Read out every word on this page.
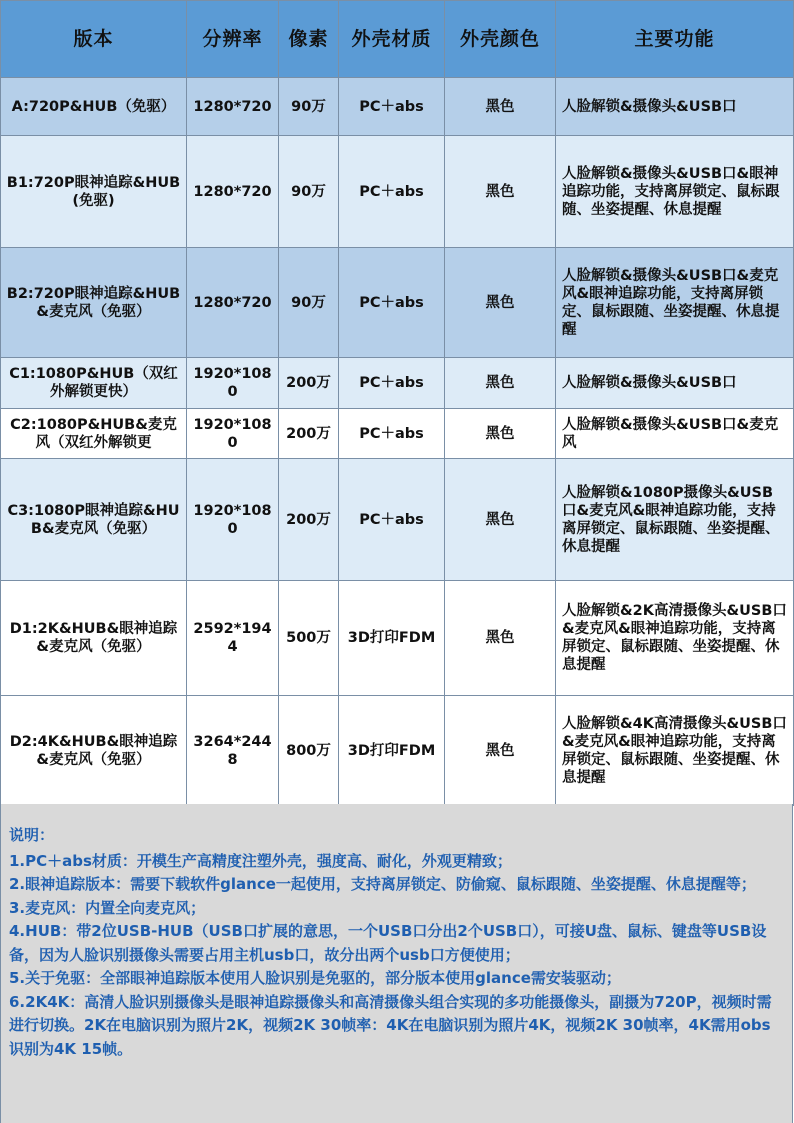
版本	分辨率	像素	外壳材质	外壳颜色	主要功能
A:720P&HUB（免驱）	1280*720	90万	PC＋abs	黑色	人脸解锁&摄像头&USB口
B1:720P眼神追踪&HUB(免驱)	1280*720	90万	PC＋abs	黑色	人脸解锁&摄像头&USB口&眼神追踪功能，支持离屏锁定、鼠标跟随、坐姿提醒、休息提醒
B2:720P眼神追踪&HUB&麦克风（免驱）	1280*720	90万	PC＋abs	黑色	人脸解锁&摄像头&USB口&麦克风&眼神追踪功能，支持离屏锁定、鼠标跟随、坐姿提醒、休息提醒
C1:1080P&HUB（双红外解锁更快）	1920*1080	200万	PC＋abs	黑色	人脸解锁&摄像头&USB口
C2:1080P&HUB&麦克风（双红外解锁更	1920*1080	200万	PC＋abs	黑色	人脸解锁&摄像头&USB口&麦克风
C3:1080P眼神追踪&HUB&麦克风（免驱）	1920*1080	200万	PC＋abs	黑色	人脸解锁&1080P摄像头&USB口&麦克风&眼神追踪功能，支持离屏锁定、鼠标跟随、坐姿提醒、休息提醒
D1:2K&HUB&眼神追踪&麦克风（免驱）	2592*1944	500万	3D打印FDM	黑色	人脸解锁&2K高清摄像头&USB口&麦克风&眼神追踪功能，支持离屏锁定、鼠标跟随、坐姿提醒、休息提醒
D2:4K&HUB&眼神追踪&麦克风（免驱）	3264*2448	800万	3D打印FDM	黑色	人脸解锁&4K高清摄像头&USB口&麦克风&眼神追踪功能，支持离屏锁定、鼠标跟随、坐姿提醒、休息提醒
说明：
1.PC＋abs材质：开模生产高精度注塑外壳，强度高、耐化，外观更精致；
2.眼神追踪版本：需要下载软件glance一起使用，支持离屏锁定、防偷窥、鼠标跟随、坐姿提醒、休息提醒等；
3.麦克风：内置全向麦克风；
4.HUB：带2位USB-HUB（USB口扩展的意思，一个USB口分出2个USB口），可接U盘、鼠标、键盘等USB设备，因为人脸识别摄像头需要占用主机usb口，故分出两个usb口方便使用；
5.关于免驱：全部眼神追踪版本使用人脸识别是免驱的，部分版本使用glance需安装驱动；
6.2K4K：高清人脸识别摄像头是眼神追踪摄像头和高清摄像头组合实现的多功能摄像头，副摄为720P，视频时需进行切换。2K在电脑识别为照片2K，视频2K 30帧率：4K在电脑识别为照片4K，视频2K 30帧率，4K需用obs识别为4K 15帧。
